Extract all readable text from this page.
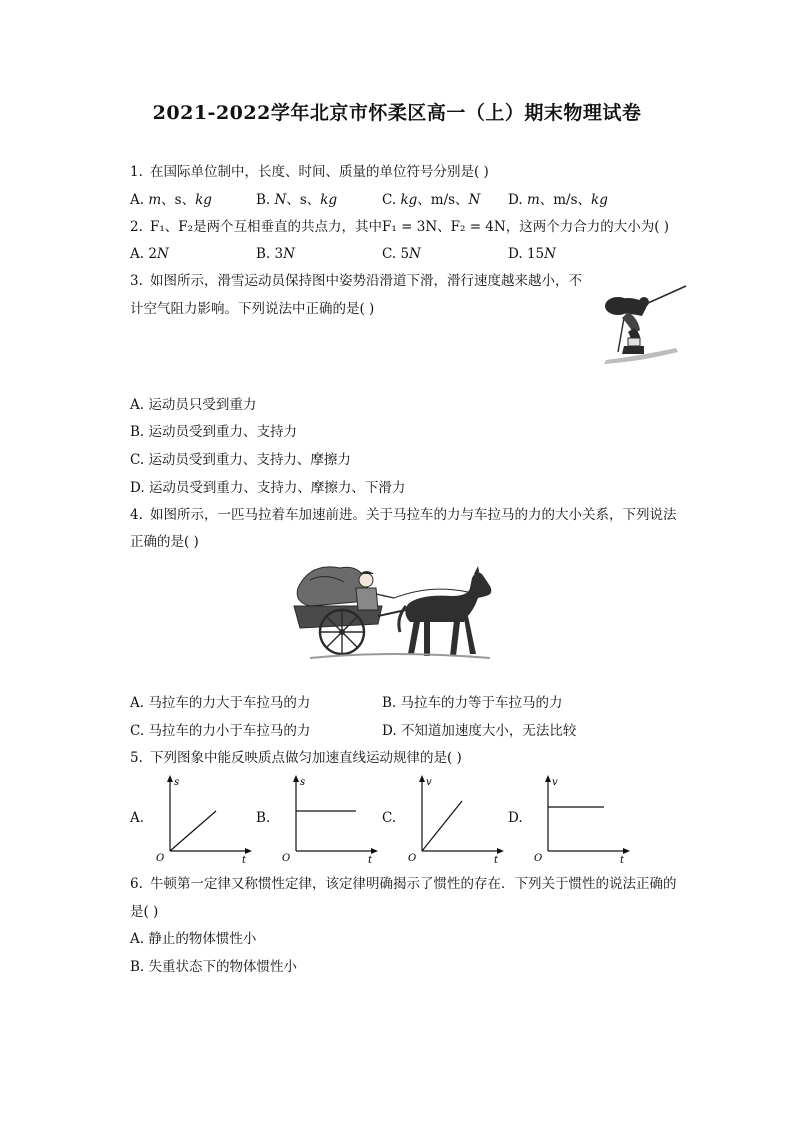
2021-2022学年北京市怀柔区高一（上）期末物理试卷
1. 在国际单位制中，长度、时间、质量的单位符号分别是( )
A. m、s、kg	B. N、s、kg	C. kg、m/s、N D. m、m/s、kg
2. F₁、F₂是两个互相垂直的共点力，其中F₁ = 3N、F₂ = 4N，这两个力合力的大小为( )
A. 2N	B. 3N	C. 5N	D. 15N
3. 如图所示，滑雪运动员保持图中姿势沿滑道下滑，滑行速度越来越小，不
计空气阻力影响。下列说法中正确的是( )
A. 运动员只受到重力
B. 运动员受到重力、支持力
C. 运动员受到重力、支持力、摩擦力
D. 运动员受到重力、支持力、摩擦力、下滑力
4. 如图所示，一匹马拉着车加速前进。关于马拉车的力与车拉马的力的大小关系，下列说法
正确的是( )
A. 马拉车的力大于车拉马的力	B. 马拉车的力等于车拉马的力
C. 马拉车的力小于车拉马的力	D. 不知道加速度大小，无法比较
5. 下列图象中能反映质点做匀加速直线运动规律的是( )
A.
s
t
O
B.
s
t
O
C.
v
t
O
D.
v
t
O
6. 牛顿第一定律又称惯性定律，该定律明确揭示了惯性的存在．下列关于惯性的说法正确的
是( )
A. 静止的物体惯性小
B. 失重状态下的物体惯性小
